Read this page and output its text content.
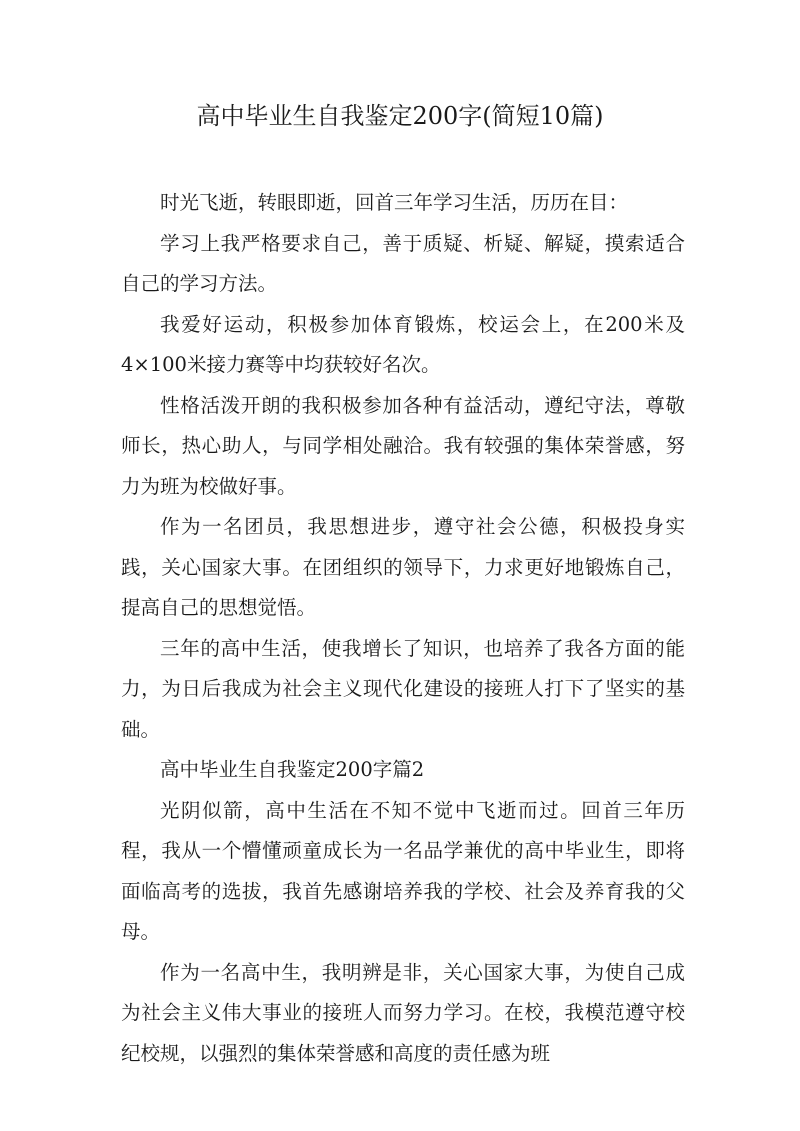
高中毕业生自我鉴定200字(简短10篇)

时光飞逝，转眼即逝，回首三年学习生活，历历在目：

学习上我严格要求自己，善于质疑、析疑、解疑，摸索适合自己的学习方法。

我爱好运动，积极参加体育锻炼，校运会上，在200米及4×100米接力赛等中均获较好名次。

性格活泼开朗的我积极参加各种有益活动，遵纪守法，尊敬师长，热心助人，与同学相处融洽。我有较强的集体荣誉感，努力为班为校做好事。

作为一名团员，我思想进步，遵守社会公德，积极投身实践，关心国家大事。在团组织的领导下，力求更好地锻炼自己，提高自己的思想觉悟。

三年的高中生活，使我增长了知识，也培养了我各方面的能力，为日后我成为社会主义现代化建设的接班人打下了坚实的基础。

高中毕业生自我鉴定200字篇2

光阴似箭，高中生活在不知不觉中飞逝而过。回首三年历程，我从一个懵懂顽童成长为一名品学兼优的高中毕业生，即将面临高考的选拔，我首先感谢培养我的学校、社会及养育我的父母。

作为一名高中生，我明辨是非，关心国家大事，为使自己成为社会主义伟大事业的接班人而努力学习。在校，我模范遵守校纪校规，以强烈的集体荣誉感和高度的责任感为班
